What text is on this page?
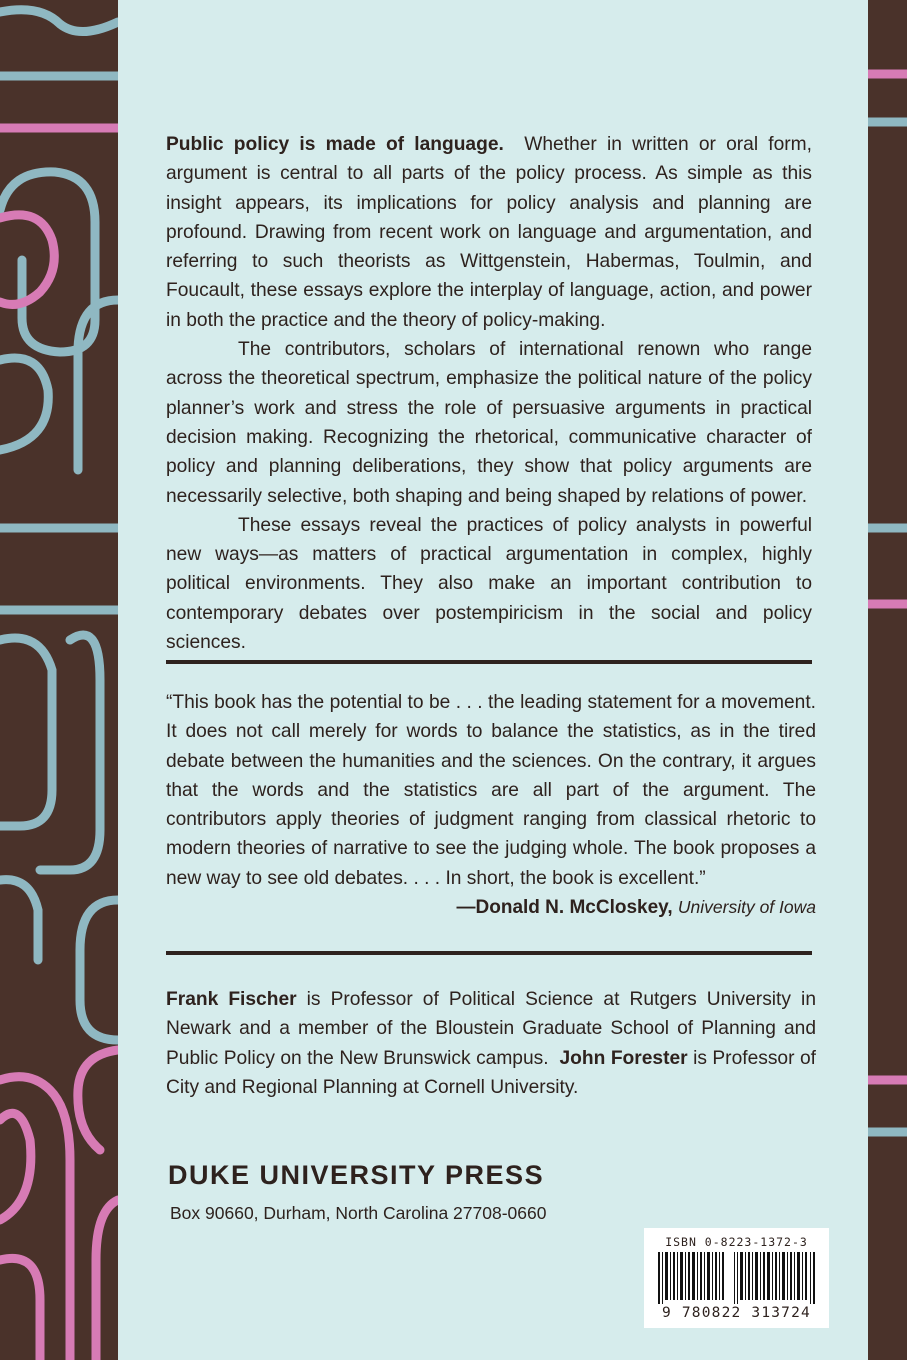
Public policy is made of language. Whether in written or oral form, argument is central to all parts of the policy process. As simple as this insight appears, its implications for policy analysis and planning are profound. Drawing from recent work on language and argumentation, and referring to such theorists as Wittgenstein, Habermas, Toulmin, and Foucault, these essays explore the interplay of language, action, and power in both the practice and the theory of policy-making.

The contributors, scholars of international renown who range across the theoretical spectrum, emphasize the political nature of the policy planner’s work and stress the role of persuasive arguments in practical decision making. Recognizing the rhetorical, communicative character of policy and planning deliberations, they show that policy arguments are necessarily selective, both shaping and being shaped by relations of power.

These essays reveal the practices of policy analysts in powerful new ways—as matters of practical argumentation in complex, highly political environments. They also make an important contribution to contemporary debates over postempiricism in the social and policy sciences.

“This book has the potential to be . . . the leading statement for a movement. It does not call merely for words to balance the statistics, as in the tired debate between the humanities and the sciences. On the contrary, it argues that the words and the statistics are all part of the argument. The contributors apply theories of judgment ranging from classical rhetoric to modern theories of narrative to see the judging whole. The book proposes a new way to see old debates. . . . In short, the book is excellent.”

—Donald N. McCloskey, University of Iowa

Frank Fischer is Professor of Political Science at Rutgers University in Newark and a member of the Bloustein Graduate School of Planning and Public Policy on the New Brunswick campus. John Forester is Professor of City and Regional Planning at Cornell University.

DUKE UNIVERSITY PRESS
Box 90660, Durham, North Carolina 27708-0660
ISBN 0-8223-1372-3
9 780822 313724
